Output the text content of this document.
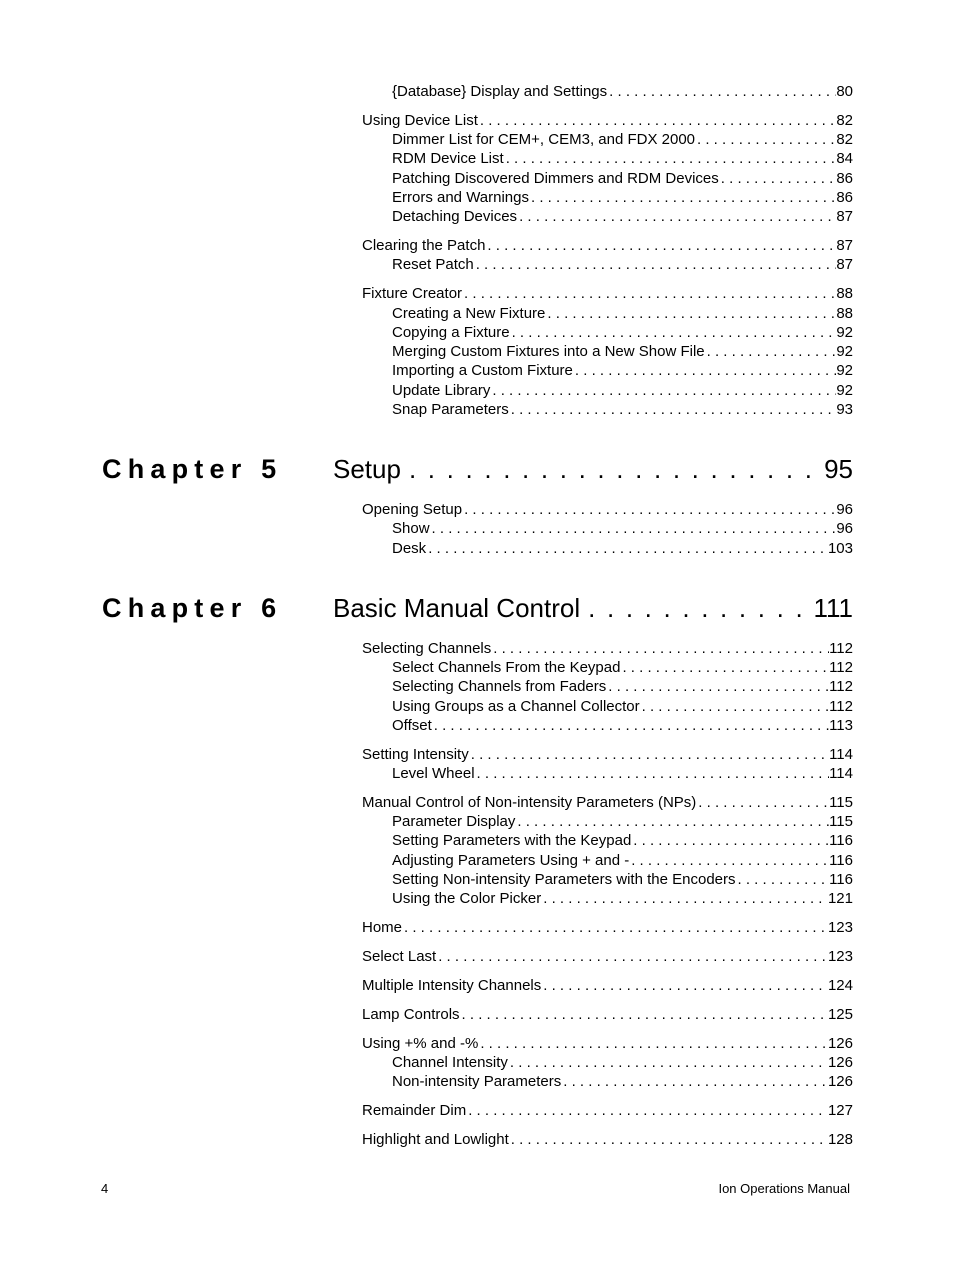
{Database} Display and Settings . . .	80
Using Device List . . .	82
Dimmer List for CEM+, CEM3, and FDX 2000 . . .	82
RDM Device List . . .	84
Patching Discovered Dimmers and RDM Devices . . .	86
Errors and Warnings . . .	86
Detaching Devices . . .	87
Clearing the Patch . . .	87
Reset Patch . . .	87
Fixture Creator . . .	88
Creating a New Fixture . . .	88
Copying a Fixture . . .	92
Merging Custom Fixtures into a New Show File . . .	92
Importing a Custom Fixture . . .	92
Update Library . . .	92
Snap Parameters . . .	93
Chapter 5 Setup . . .	95
Opening Setup . . .	96
Show . . .	96
Desk . . .	103
Chapter 6 Basic Manual Control . . .	111
Selecting Channels . . .	112
Select Channels From the Keypad . . .	112
Selecting Channels from Faders . . .	112
Using Groups as a Channel Collector . . .	112
Offset . . .	113
Setting Intensity . . .	114
Level Wheel . . .	114
Manual Control of Non-intensity Parameters (NPs) . . .	115
Parameter Display . . .	115
Setting Parameters with the Keypad . . .	116
Adjusting Parameters Using + and - . . .	116
Setting Non-intensity Parameters with the Encoders . . .	116
Using the Color Picker . . .	121
Home . . .	123
Select Last . . .	123
Multiple Intensity Channels . . .	124
Lamp Controls . . .	125
Using +% and -% . . .	126
Channel Intensity . . .	126
Non-intensity Parameters . . .	126
Remainder Dim . . .	127
Highlight and Lowlight . . .	128
4	Ion Operations Manual
